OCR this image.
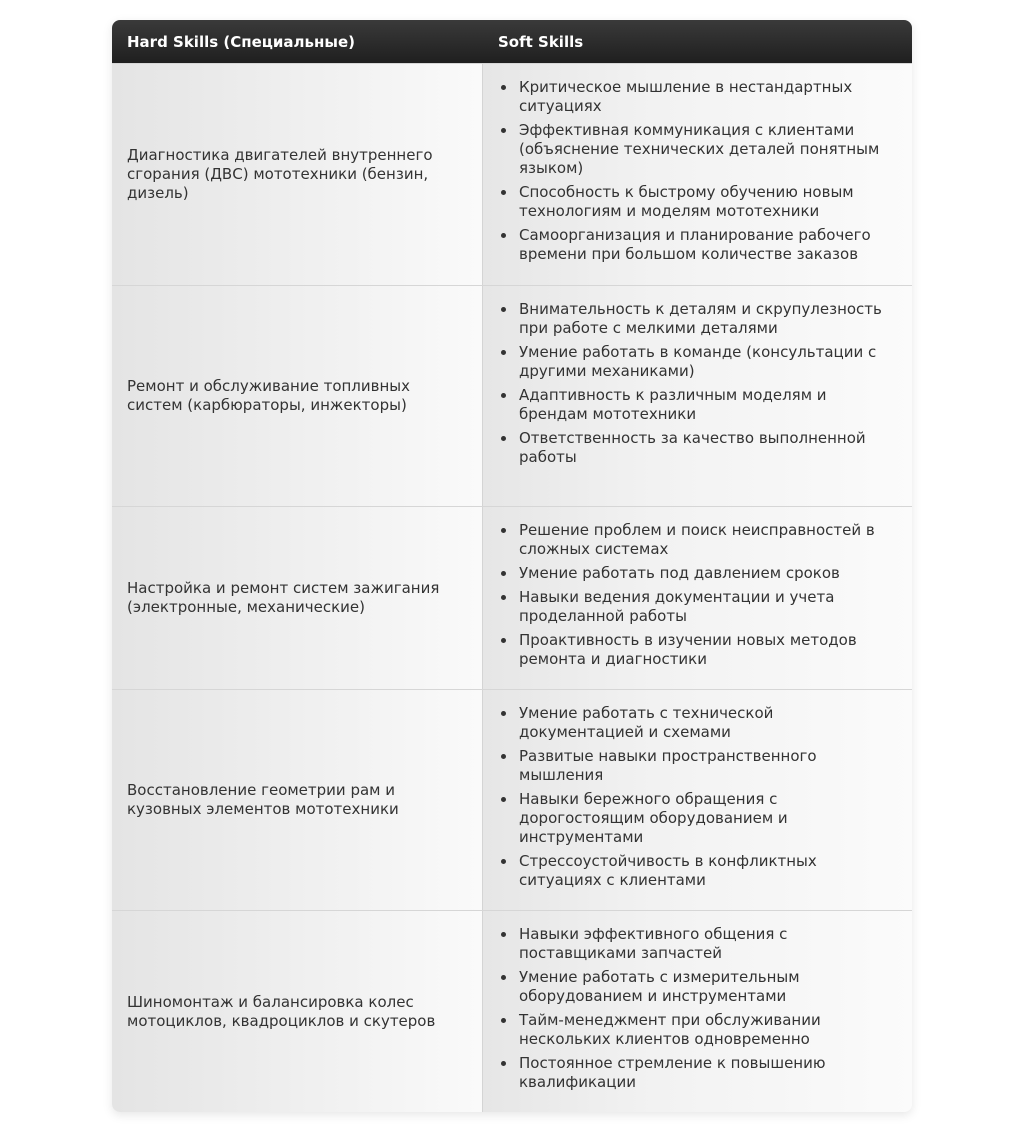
Hard Skills (Специальные)	Soft Skills
Диагностика двигателей внутреннего сгорания (ДВС) мототехники (бензин, дизель)
Критическое мышление в нестандартных ситуациях
Эффективная коммуникация с клиентами (объяснение технических деталей понятным языком)
Способность к быстрому обучению новым технологиям и моделям мототехники
Самоорганизация и планирование рабочего времени при большом количестве заказов
Ремонт и обслуживание топливных систем (карбюраторы, инжекторы)
Внимательность к деталям и скрупулезность при работе с мелкими деталями
Умение работать в команде (консультации с другими механиками)
Адаптивность к различным моделям и брендам мототехники
Ответственность за качество выполненной работы
Настройка и ремонт систем зажигания (электронные, механические)
Решение проблем и поиск неисправностей в сложных системах
Умение работать под давлением сроков
Навыки ведения документации и учета проделанной работы
Проактивность в изучении новых методов ремонта и диагностики
Восстановление геометрии рам и кузовных элементов мототехники
Умение работать с технической документацией и схемами
Развитые навыки пространственного мышления
Навыки бережного обращения с дорогостоящим оборудованием и инструментами
Стрессоустойчивость в конфликтных ситуациях с клиентами
Шиномонтаж и балансировка колес мотоциклов, квадроциклов и скутеров
Навыки эффективного общения с поставщиками запчастей
Умение работать с измерительным оборудованием и инструментами
Тайм-менеджмент при обслуживании нескольких клиентов одновременно
Постоянное стремление к повышению квалификации
